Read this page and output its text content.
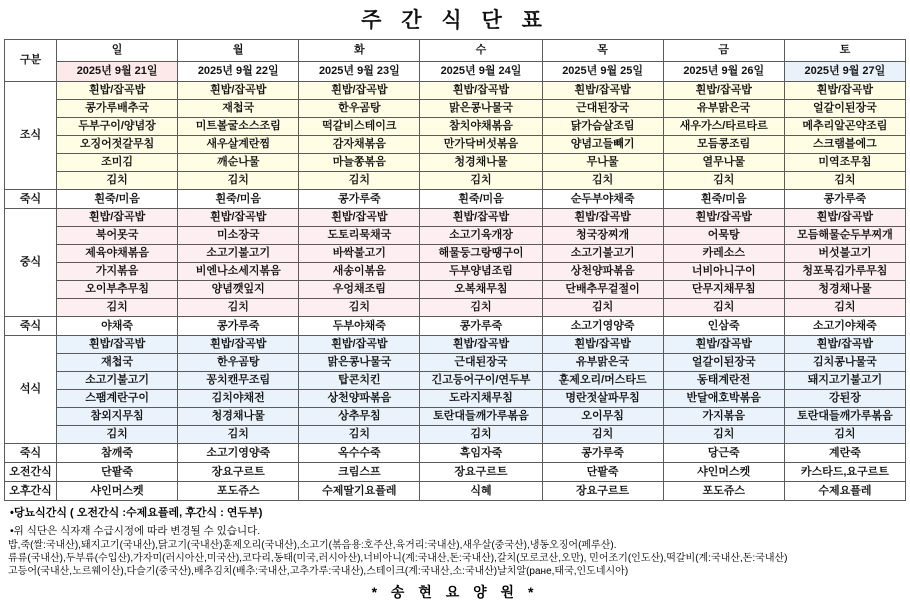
주 간 식 단 표
구분	일	월	화	수	목	금	토
	2025년 9월 21일	2025년 9월 22일	2025년 9월 23일	2025년 9월 24일	2025년 9월 25일	2025년 9월 26일	2025년 9월 27일
조식	흰밥/잡곡밥	흰밥/잡곡밥	흰밥/잡곡밥	흰밥/잡곡밥	흰밥/잡곡밥	흰밥/잡곡밥	흰밥/잡곡밥
	콩가루배추국	재첩국	한우곰탕	맑은콩나물국	근대된장국	유부맑은국	얼갈이된장국
	두부구이/양념장	미트볼굴소스조림	떡갈비스테이크	참치야채볶음	닭가슴살조림	새우가스/타르타르	메추리알곤약조림
	오징어젓갈무침	새우살계란찜	감자채볶음	만가닥버섯볶음	양념고들빼기	모듬콩조림	스크램블에그
	조미김	깨순나물	마늘쫑볶음	청경채나물	무나물	열무나물	미역조무침
	김치	김치	김치	김치	김치	김치	김치
죽식	흰죽/미음	흰죽/미음	콩가루죽	흰죽/미음	순두부야채죽	흰죽/미음	콩가루죽
중식	흰밥/잡곡밥	흰밥/잡곡밥	흰밥/잡곡밥	흰밥/잡곡밥	흰밥/잡곡밥	흰밥/잡곡밥	흰밥/잡곡밥
	북어못국	미소장국	도토리묵채국	소고기육개장	청국장찌개	어묵탕	모듬해물순두부찌개
	제육야채볶음	소고기불고기	바싹불고기	해물둥그랑땡구이	소고기불고기	카레소스	버섯불고기
	가지볶음	비엔나소세지볶음	새송이볶음	두부양념조림	상천양파볶음	너비아니구이	청포묵김가루무침
	오이부추무침	양념깻잎지	우엉채조림	오복채무침	단배추무겉절이	단무지채무침	청경채나물
	김치	김치	김치	김치	김치	김치	김치
죽식	야채죽	콩가루죽	두부야채죽	콩가루죽	소고기영양죽	인삼죽	소고기야채죽
석식	흰밥/잡곡밥	흰밥/잡곡밥	흰밥/잡곡밥	흰밥/잡곡밥	흰밥/잡곡밥	흰밥/잡곡밥	흰밥/잡곡밥
	재첩국	한우곰탕	맑은콩나물국	근대된장국	유부맑은국	얼갈이된장국	김치콩나물국
	소고기불고기	꽁치캔무조림	탑콘치킨	긴고등어구이/연두부	훈제오리/머스타드	동태계란전	돼지고기불고기
	스팸계란구이	김치야채전	상천양파볶음	도라지채무침	명란젓살파무침	반달애호박볶음	강된장
	참외지무침	청경채나물	상추무침	토란대들깨가루볶음	오이무침	가지볶음	토란대들깨가루볶음
	김치	김치	김치	김치	김치	김치	김치
죽식	참깨죽	소고기영양죽	옥수수죽	흑임자죽	콩가루죽	당근죽	계란죽
오전간식	단팥죽	장요구르트	크림스프	장요구르트	단팥죽	샤인머스켓	카스타드,요구르트
오후간식	샤인머스켓	포도쥬스	수제딸기요플레	식혜	장요구르트	포도쥬스	수제요플레
•당뇨식간식 ( 오전간식 :수제요플레, 후간식 : 연두부)
•위 식단은 식자재 수급시정에 따라 변경될 수 있습니다.
밥,죽(쌀:국내산),돼지고기(국내산),닭고기(국내산)훈제오리(국내산),소고기(볶음용:호주산,육거리:국내산),새우살(중국산),냉동오징어(페루산).
류류(국내산),두부류(수입산),가자미(러시아산,미국산),코다리,동태(미국,러시아산),너비아니(계:국내산,돈:국내산),갈치(모로코산,오만), 민어조기(인도산),떡갈비(계:국내산,돈:국내산)
고등어(국내산,노르웨이산),다슬기(중국산),배추김치(배추:국내산,고추가루:국내산),스테이크(계:국내산,소:국내산)날치알(ране,태국,인도네시아)
* 송 현 요 양 원 *
